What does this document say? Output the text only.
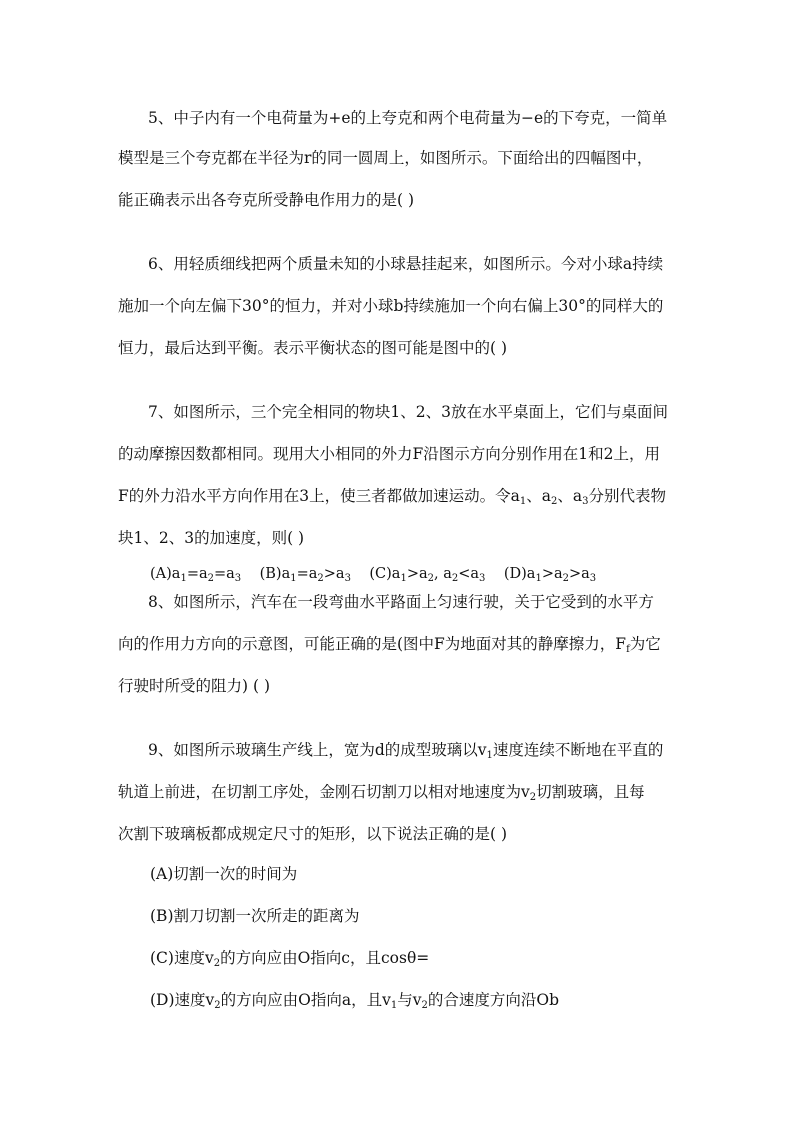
5、中子内有一个电荷量为+e的上夸克和两个电荷量为−e的下夸克，一简单
模型是三个夸克都在半径为r的同一圆周上，如图所示。下面给出的四幅图中，
能正确表示出各夸克所受静电作用力的是( )
6、用轻质细线把两个质量未知的小球悬挂起来，如图所示。今对小球a持续
施加一个向左偏下30°的恒力，并对小球b持续施加一个向右偏上30°的同样大的
恒力，最后达到平衡。表示平衡状态的图可能是图中的( )
7、如图所示，三个完全相同的物块1、2、3放在水平桌面上，它们与桌面间
的动摩擦因数都相同。现用大小相同的外力F沿图示方向分别作用在1和2上，用
F的外力沿水平方向作用在3上，使三者都做加速运动。令$a_1$、$a_2$、$a_3$分别代表物
块1、2、3的加速度，则( )
$(A)a_1=a_2=a_3$ $(B)a_1=a_2>a_3$ $(C)a_1>a_2$, $a_2<a_3$ $(D)a_1>a_2>a_3$
8、如图所示，汽车在一段弯曲水平路面上匀速行驶，关于它受到的水平方
向的作用力方向的示意图，可能正确的是(图中F为地面对其的静摩擦力，$F_f$为它
行驶时所受的阻力) ( )
9、如图所示玻璃生产线上，宽为d的成型玻璃以$v_1$速度连续不断地在平直的
轨道上前进，在切割工序处，金刚石切割刀以相对地速度为$v_2$切割玻璃，且每
次割下玻璃板都成规定尺寸的矩形，以下说法正确的是( )
(A)切割一次的时间为
(B)割刀切割一次所走的距离为
(C)速度$v_2$的方向应由O指向c，且cosθ=
(D)速度$v_2$的方向应由O指向a，且$v_1$与$v_2$的合速度方向沿Ob
